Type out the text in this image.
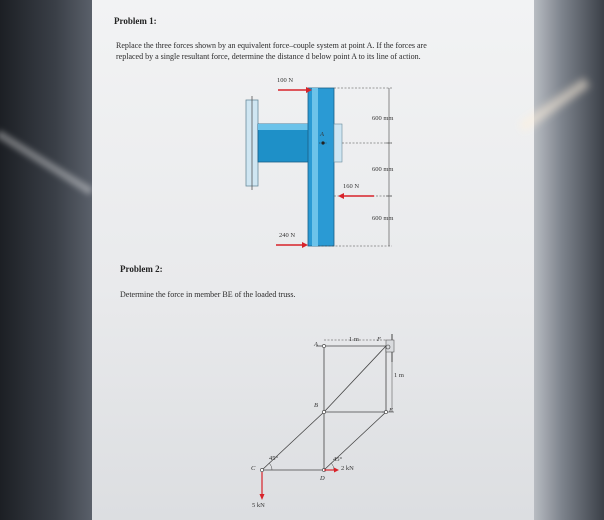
Problem 1:
Replace the three forces shown by an equivalent force–couple system at point A. If the forces are
replaced by a single resultant force, determine the distance d below point A to its line of action.
100 N
A
600 mm
600 mm
160 N
600 mm
240 N
Problem 2:
Determine the force in member BE of the loaded truss.
A
1 m	F
1 m
B
E
C
45°	45°
2 kN
D
5 kN
